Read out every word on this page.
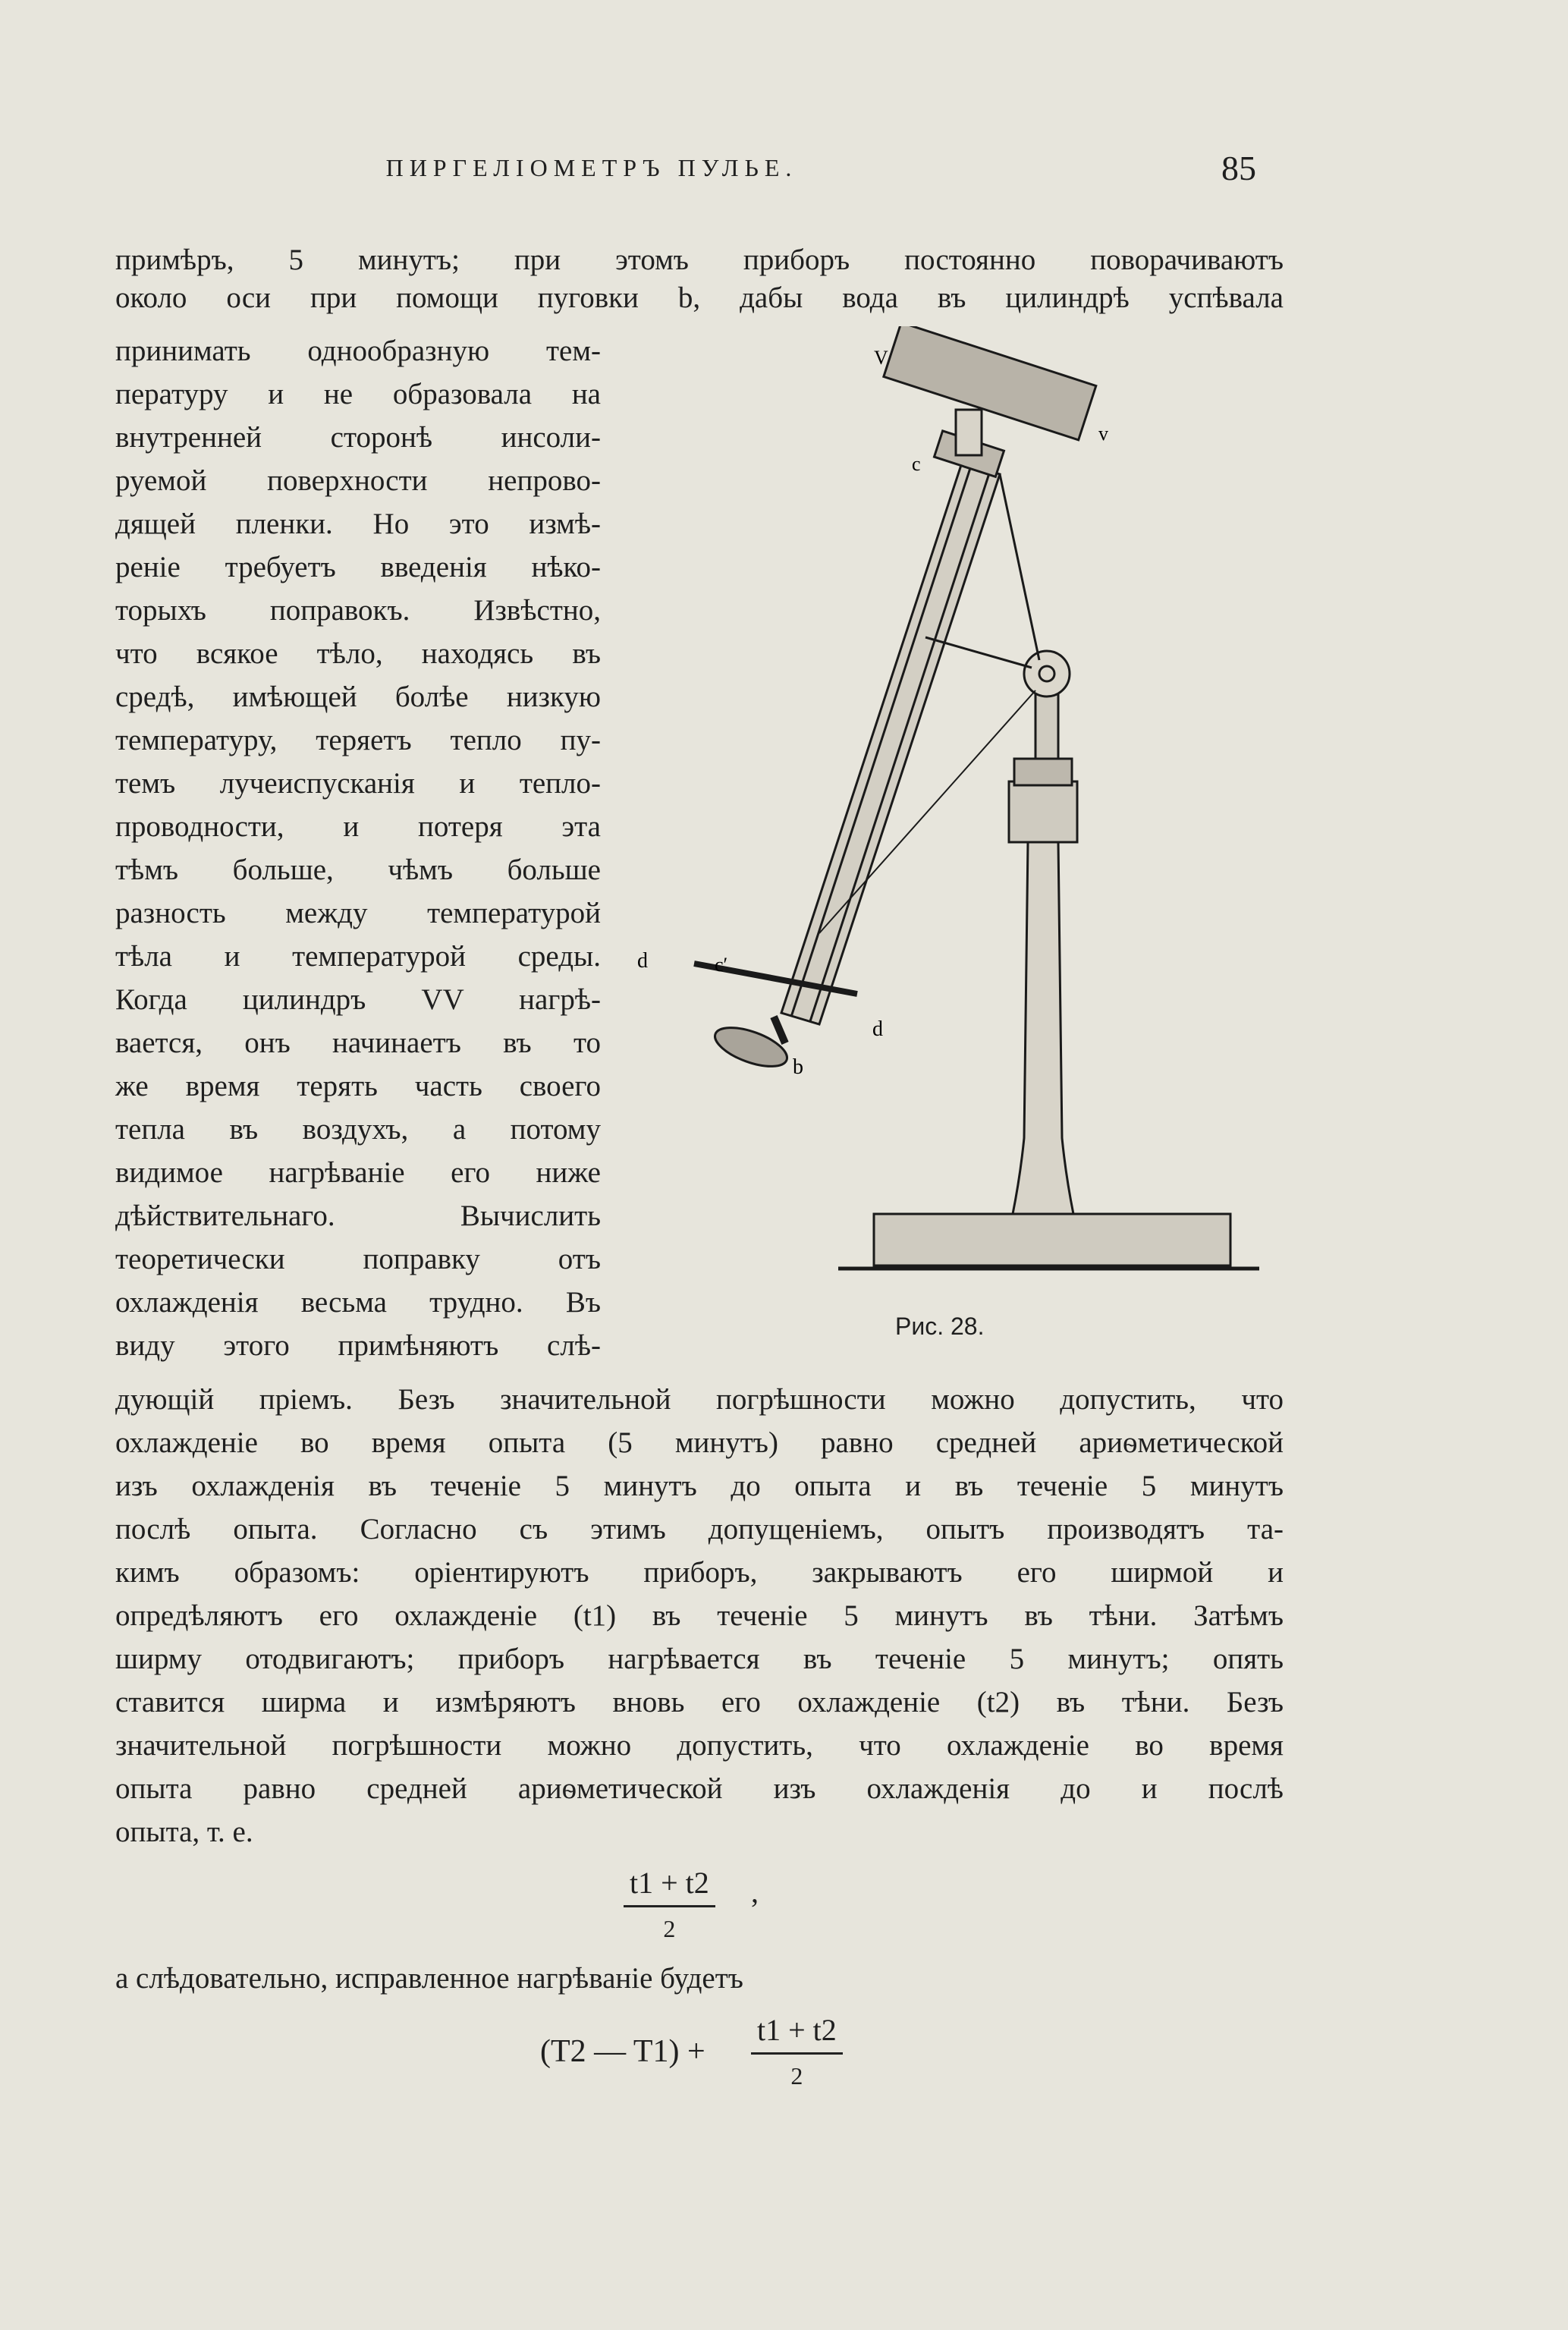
ПИРГЕЛІОМЕТРЪ ПУЛЬЕ.	85
примѣръ, 5 минутъ; при этомъ приборъ постоянно поворачиваютъ
около оси при помощи пуговки b, дабы вода въ цилиндрѣ успѣвала
принимать однообразную тем-
пературу и не образовала на
внутренней сторонѣ инсоли-
руемой поверхности непрово-
дящей пленки. Но это измѣ-
реніе требуетъ введенія нѣко-
торыхъ поправокъ. Извѣстно,
что всякое тѣло, находясь въ
средѣ, имѣющей болѣе низкую
температуру, теряетъ тепло пу-
темъ лучеиспусканія и тепло-
проводности, и потеря эта
тѣмъ больше, чѣмъ больше
разность между температурой
тѣла и температурой среды.
Когда цилиндръ VV нагрѣ-
вается, онъ начинаетъ въ то
же время терять часть своего
тепла въ воздухъ, а потому
видимое нагрѣваніе его ниже
дѣйствительнаго. Вычислить
теоретически поправку отъ
охлажденія весьма трудно. Въ
виду этого примѣняютъ слѣ-
V
v
c
c′
d
d
b
Рис. 28.
дующій пріемъ. Безъ значительной погрѣшности можно допустить, что
охлажденіе во время опыта (5 минутъ) равно средней ариѳметической
изъ охлажденія въ теченіе 5 минутъ до опыта и въ теченіе 5 минутъ
послѣ опыта. Согласно съ этимъ допущеніемъ, опытъ производятъ та-
кимъ образомъ: оріентируютъ приборъ, закрываютъ его ширмой и
опредѣляютъ его охлажденіе (t1) въ теченіе 5 минутъ въ тѣни. Затѣмъ
ширму отодвигаютъ; приборъ нагрѣвается въ теченіе 5 минутъ; опять
ставится ширма и измѣряютъ вновь его охлажденіе (t2) въ тѣни. Безъ
значительной погрѣшности можно допустить, что охлажденіе во время
опыта равно средней ариѳметической изъ охлажденія до и послѣ
опыта, т. е.
t1 + t2
2
,
а слѣдовательно, исправленное нагрѣваніе будетъ
(T2 — T1) +
t1 + t2
2
